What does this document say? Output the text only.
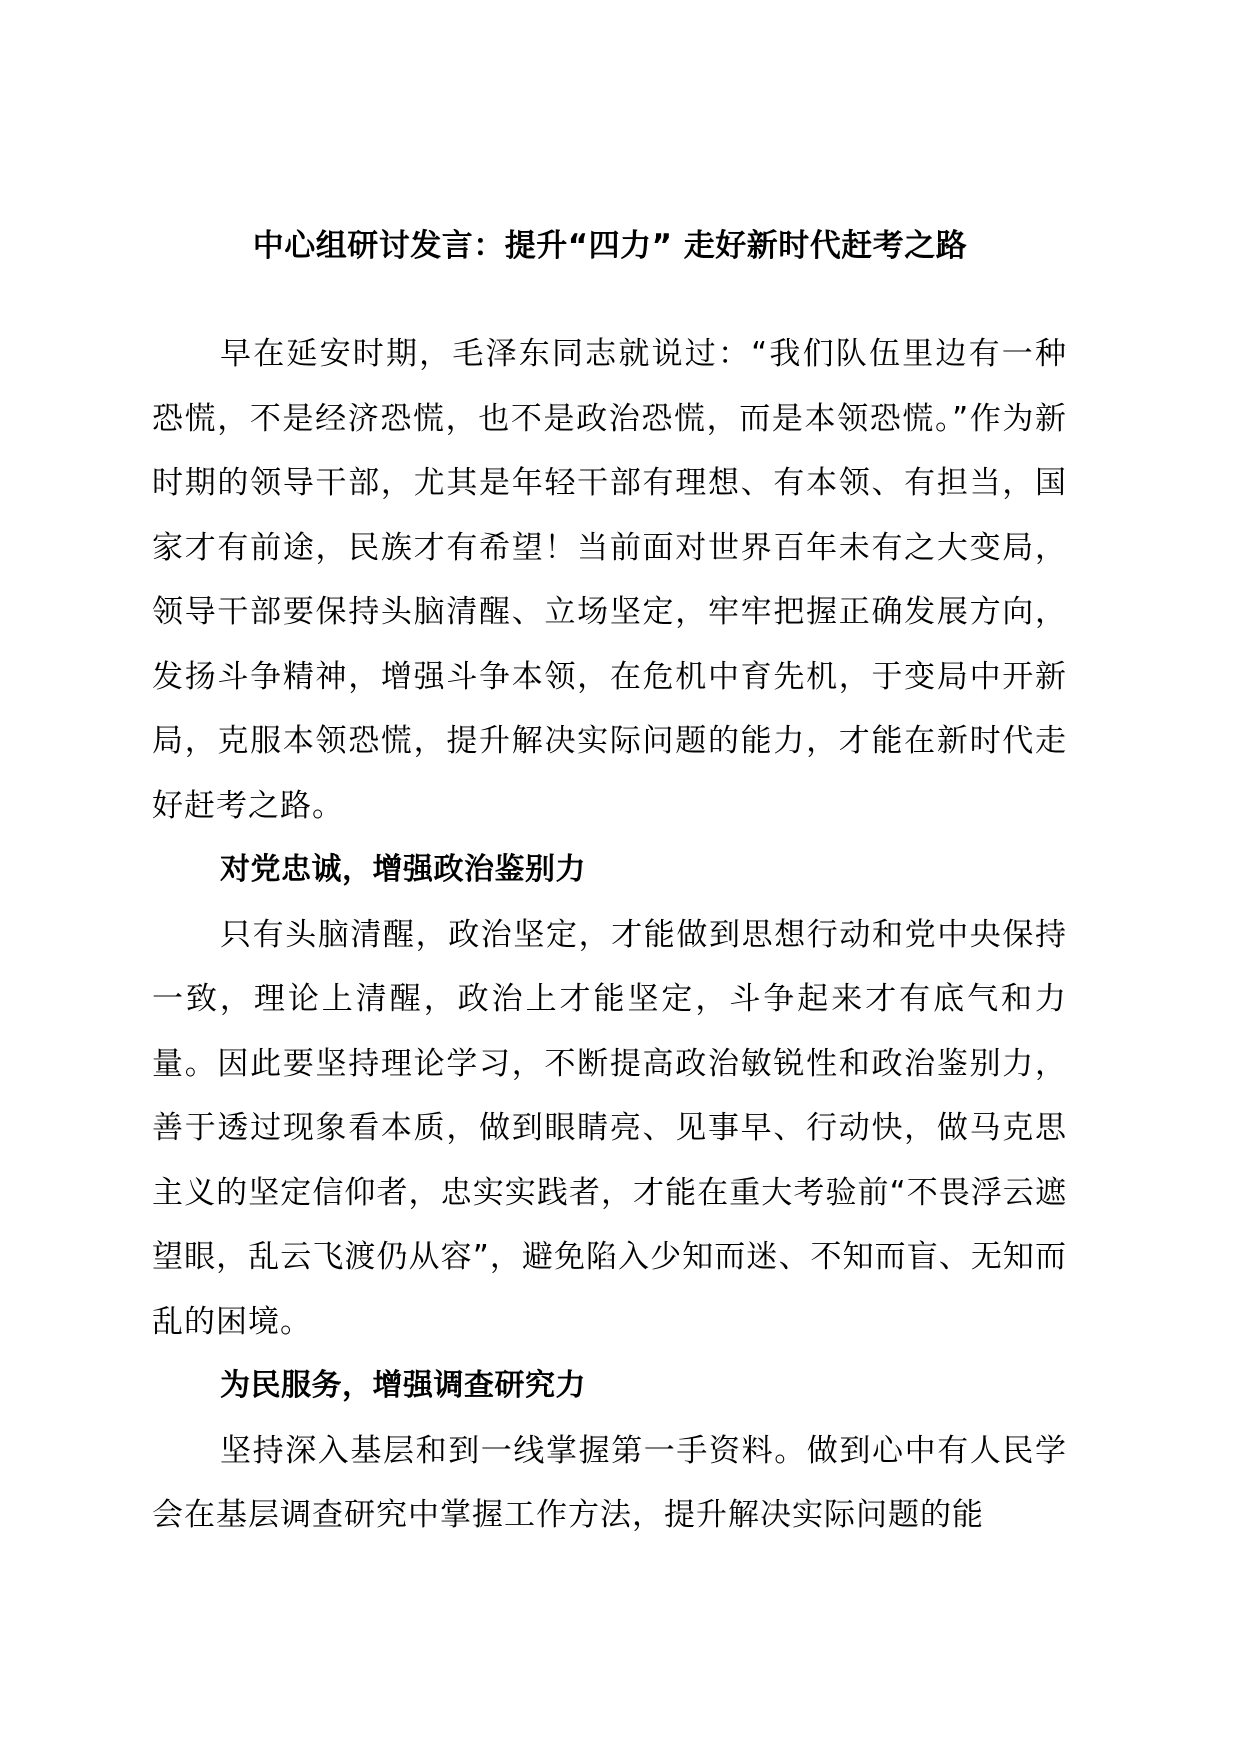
中心组研讨发言：提升“四力” 走好新时代赶考之路

早在延安时期，毛泽东同志就说过：“我们队伍里边有一种恐慌，不是经济恐慌，也不是政治恐慌，而是本领恐慌。”作为新时期的领导干部，尤其是年轻干部有理想、有本领、有担当，国家才有前途，民族才有希望！当前面对世界百年未有之大变局，领导干部要保持头脑清醒、立场坚定，牢牢把握正确发展方向，发扬斗争精神，增强斗争本领，在危机中育先机，于变局中开新局，克服本领恐慌，提升解决实际问题的能力，才能在新时代走好赶考之路。

对党忠诚，增强政治鉴别力

只有头脑清醒，政治坚定，才能做到思想行动和党中央保持一致，理论上清醒，政治上才能坚定，斗争起来才有底气和力量。因此要坚持理论学习，不断提高政治敏锐性和政治鉴别力，善于透过现象看本质，做到眼睛亮、见事早、行动快，做马克思主义的坚定信仰者，忠实实践者，才能在重大考验前“不畏浮云遮望眼，乱云飞渡仍从容”，避免陷入少知而迷、不知而盲、无知而乱的困境。

为民服务，增强调查研究力

坚持深入基层和到一线掌握第一手资料。做到心中有人民学会在基层调查研究中掌握工作方法，提升解决实际问题的能
